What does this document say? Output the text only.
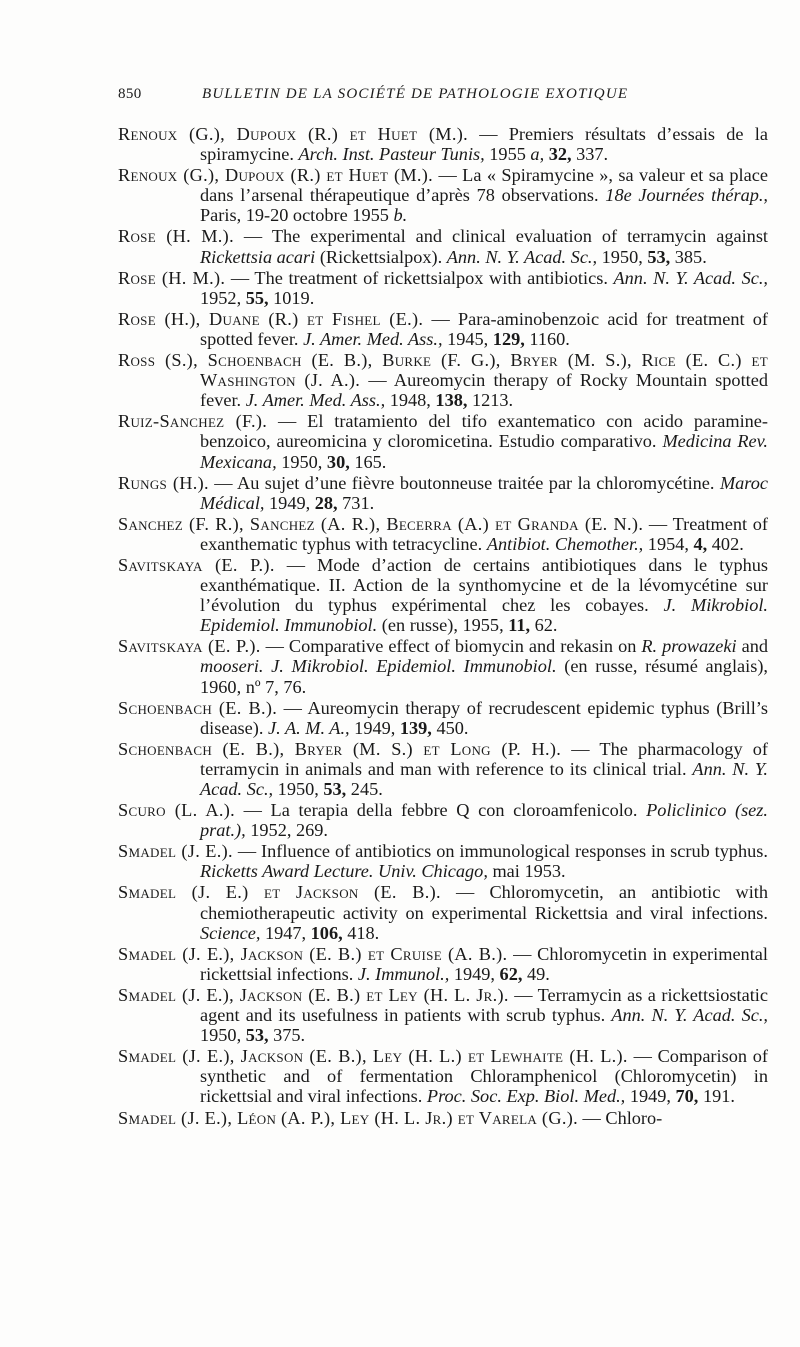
850	BULLETIN DE LA SOCIÉTÉ DE PATHOLOGIE EXOTIQUE

Renoux (G.), Dupoux (R.) et Huet (M.). — Premiers résultats d’essais de la spiramycine. Arch. Inst. Pasteur Tunis, 1955 a, 32, 337.

Renoux (G.), Dupoux (R.) et Huet (M.). — La « Spiramycine », sa valeur et sa place dans l’arsenal thérapeutique d’après 78 observations. 18e Journées thérap., Paris, 19-20 octobre 1955 b.

Rose (H. M.). — The experimental and clinical evaluation of terramycin against Rickettsia acari (Rickettsialpox). Ann. N. Y. Acad. Sc., 1950, 53, 385.

Rose (H. M.). — The treatment of rickettsialpox with antibiotics. Ann. N. Y. Acad. Sc., 1952, 55, 1019.

Rose (H.), Duane (R.) et Fishel (E.). — Para-aminobenzoic acid for treatment of spotted fever. J. Amer. Med. Ass., 1945, 129, 1160.

Ross (S.), Schoenbach (E. B.), Burke (F. G.), Bryer (M. S.), Rice (E. C.) et Washington (J. A.). — Aureomycin therapy of Rocky Mountain spotted fever. J. Amer. Med. Ass., 1948, 138, 1213.

Ruiz-Sanchez (F.). — El tratamiento del tifo exantematico con acido paramine-benzoico, aureomicina y cloromicetina. Estudio comparativo. Medicina Rev. Mexicana, 1950, 30, 165.

Rungs (H.). — Au sujet d’une fièvre boutonneuse traitée par la chloromycétine. Maroc Médical, 1949, 28, 731.

Sanchez (F. R.), Sanchez (A. R.), Becerra (A.) et Granda (E. N.). — Treatment of exanthematic typhus with tetracycline. Antibiot. Chemother., 1954, 4, 402.

Savitskaya (E. P.). — Mode d’action de certains antibiotiques dans le typhus exanthématique. II. Action de la synthomycine et de la lévomycétine sur l’évolution du typhus expérimental chez les cobayes. J. Mikrobiol. Epidemiol. Immunobiol. (en russe), 1955, 11, 62.

Savitskaya (E. P.). — Comparative effect of biomycin and rekasin on R. prowazeki and mooseri. J. Mikrobiol. Epidemiol. Immunobiol. (en russe, résumé anglais), 1960, nº 7, 76.

Schoenbach (E. B.). — Aureomycin therapy of recrudescent epidemic typhus (Brill’s disease). J. A. M. A., 1949, 139, 450.

Schoenbach (E. B.), Bryer (M. S.) et Long (P. H.). — The pharmacology of terramycin in animals and man with reference to its clinical trial. Ann. N. Y. Acad. Sc., 1950, 53, 245.

Scuro (L. A.). — La terapia della febbre Q con cloroamfenicolo. Policlinico (sez. prat.), 1952, 269.

Smadel (J. E.). — Influence of antibiotics on immunological responses in scrub typhus. Ricketts Award Lecture. Univ. Chicago, mai 1953.

Smadel (J. E.) et Jackson (E. B.). — Chloromycetin, an antibiotic with chemiotherapeutic activity on experimental Rickettsia and viral infections. Science, 1947, 106, 418.

Smadel (J. E.), Jackson (E. B.) et Cruise (A. B.). — Chloromycetin in experimental rickettsial infections. J. Immunol., 1949, 62, 49.

Smadel (J. E.), Jackson (E. B.) et Ley (H. L. Jr.). — Terramycin as a rickettsiostatic agent and its usefulness in patients with scrub typhus. Ann. N. Y. Acad. Sc., 1950, 53, 375.

Smadel (J. E.), Jackson (E. B.), Ley (H. L.) et Lewhaite (H. L.). — Comparison of synthetic and of fermentation Chloramphenicol (Chloromycetin) in rickettsial and viral infections. Proc. Soc. Exp. Biol. Med., 1949, 70, 191.

Smadel (J. E.), Léon (A. P.), Ley (H. L. Jr.) et Varela (G.). — Chloro-
